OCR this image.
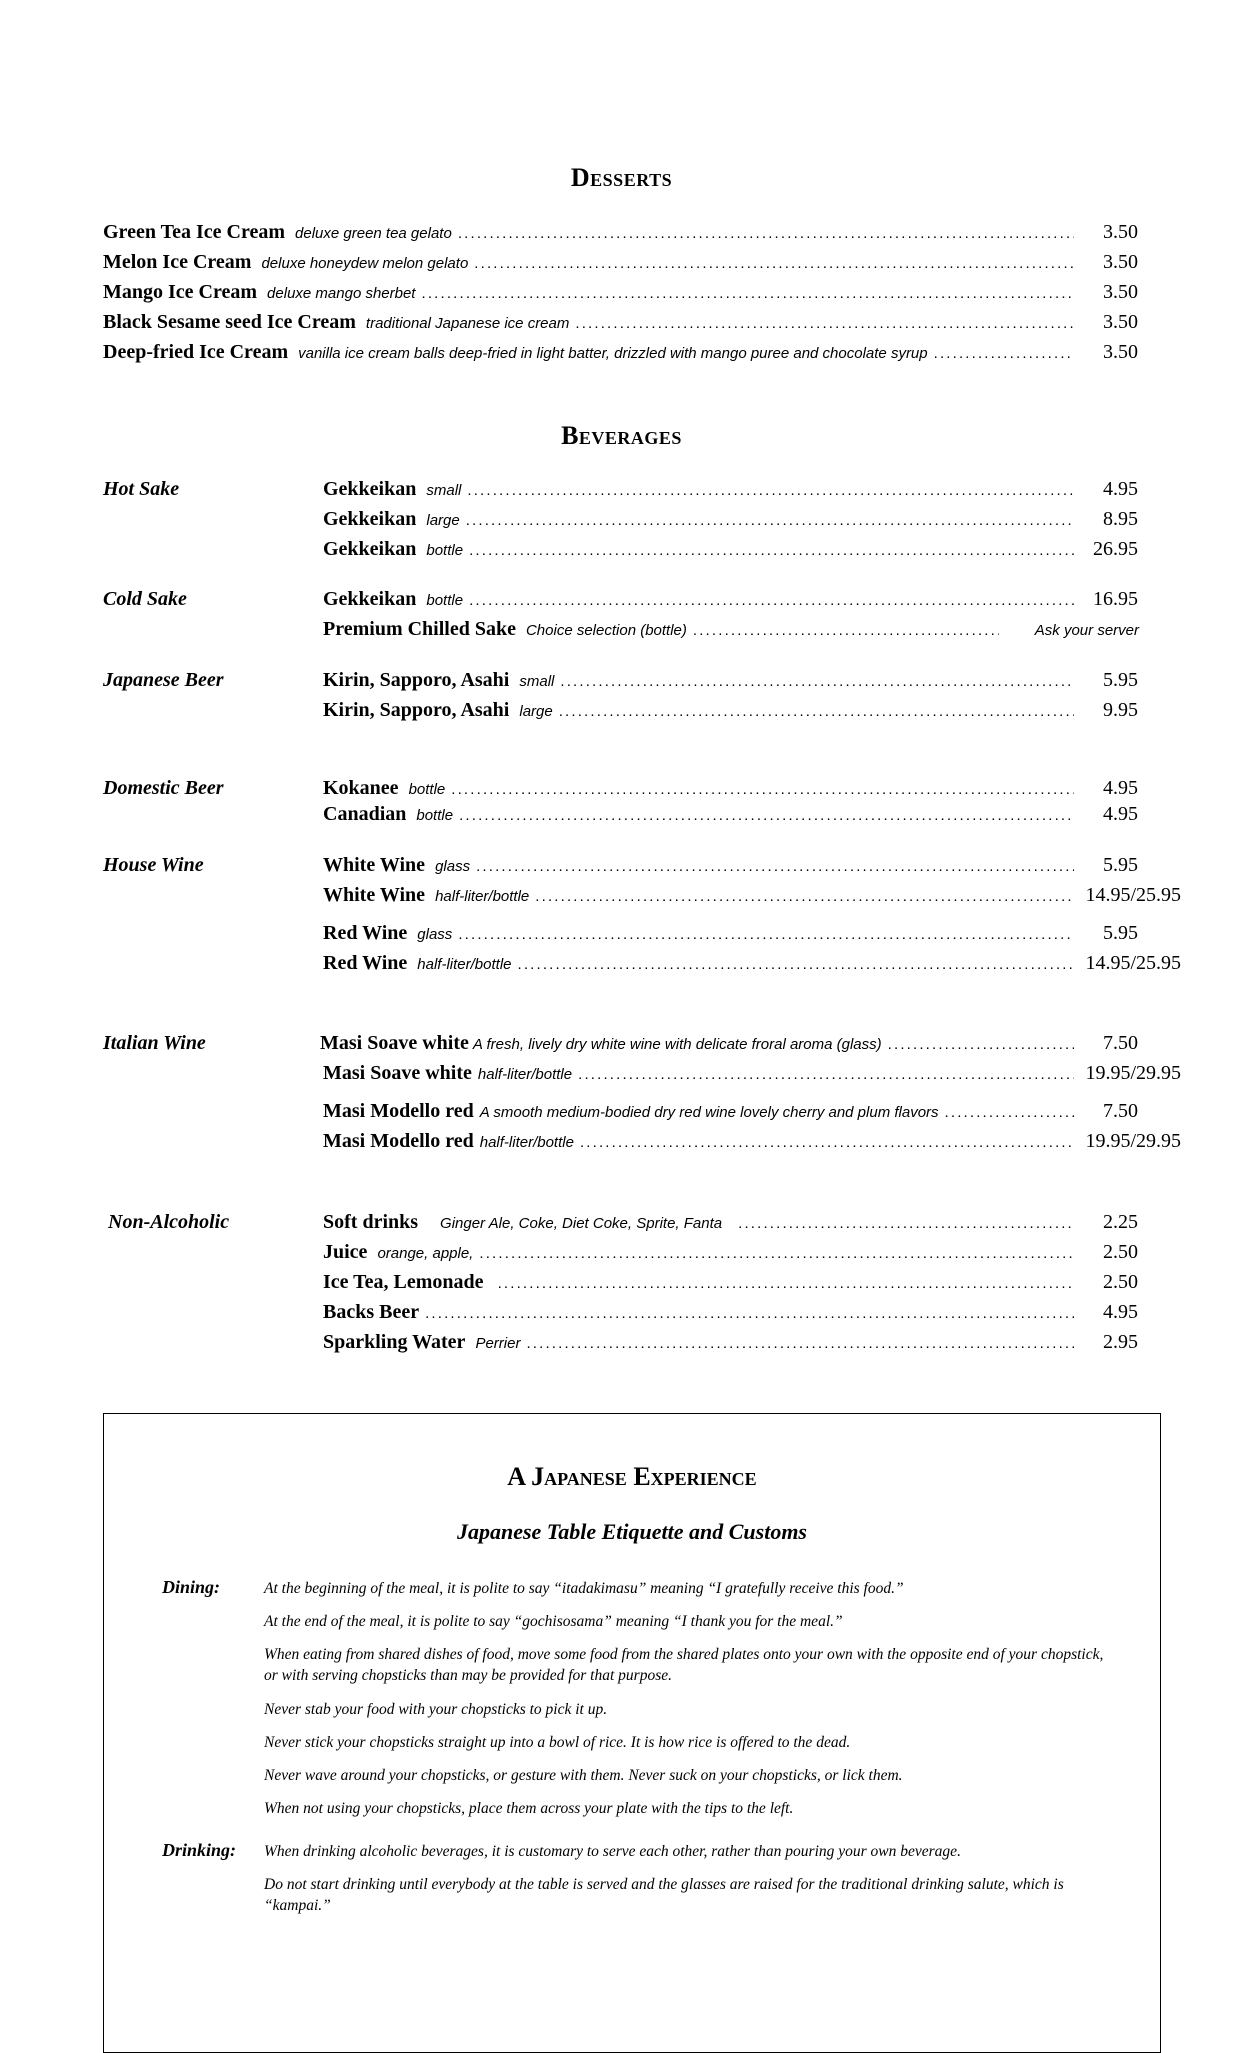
Desserts
Green Tea Ice Cream deluxe green tea gelato . . .	3.50
Melon Ice Cream deluxe honeydew melon gelato . . .	3.50
Mango Ice Cream deluxe mango sherbet . . .	3.50
Black Sesame seed Ice Cream traditional Japanese ice cream . . .	3.50
Deep-fried Ice Cream vanilla ice cream balls deep-fried in light batter, drizzled with mango puree and chocolate syrup . . .	3.50
Beverages
Hot Sake	Gekkeikan small . . .	4.95
Gekkeikan large . . .	8.95
Gekkeikan bottle . . .	26.95
Cold Sake	Gekkeikan bottle . . .	16.95
Premium Chilled Sake Choice selection (bottle) . . .	Ask your server
Japanese Beer	Kirin, Sapporo, Asahi small . . .	5.95
Kirin, Sapporo, Asahi large . . .	9.95
Domestic Beer	Kokanee bottle . . .	4.95
Canadian bottle . . .	4.95
House Wine	White Wine glass . . .	5.95
White Wine half-liter/bottle . . .	14.95/25.95
Red Wine glass . . .	5.95
Red Wine half-liter/bottle . . .	14.95/25.95
Italian Wine	Masi Soave white A fresh, lively dry white wine with delicate froral aroma (glass) . . .	7.50
Masi Soave white half-liter/bottle . . .	19.95/29.95
Masi Modello red A smooth medium-bodied dry red wine lovely cherry and plum flavors . . .	7.50
Masi Modello red half-liter/bottle . . .	19.95/29.95
Non-Alcoholic	Soft drinks Ginger Ale, Coke, Diet Coke, Sprite, Fanta . . .	2.25
Juice orange, apple, . . .	2.50
Ice Tea, Lemonade . . .	2.50
Backs Beer . . .	4.95
Sparkling Water Perrier . . .	2.95
A Japanese Experience
Japanese Table Etiquette and Customs
Dining:	At the beginning of the meal, it is polite to say “itadakimasu” meaning “I gratefully receive this food.”
At the end of the meal, it is polite to say “gochisosama” meaning “I thank you for the meal.”
When eating from shared dishes of food, move some food from the shared plates onto your own with the opposite end of your chopstick, or with serving chopsticks than may be provided for that purpose.
Never stab your food with your chopsticks to pick it up.
Never stick your chopsticks straight up into a bowl of rice. It is how rice is offered to the dead.
Never wave around your chopsticks, or gesture with them. Never suck on your chopsticks, or lick them.
When not using your chopsticks, place them across your plate with the tips to the left.
Drinking: When drinking alcoholic beverages, it is customary to serve each other, rather than pouring your own beverage.
Do not start drinking until everybody at the table is served and the glasses are raised for the traditional drinking salute, which is “kampai.”
